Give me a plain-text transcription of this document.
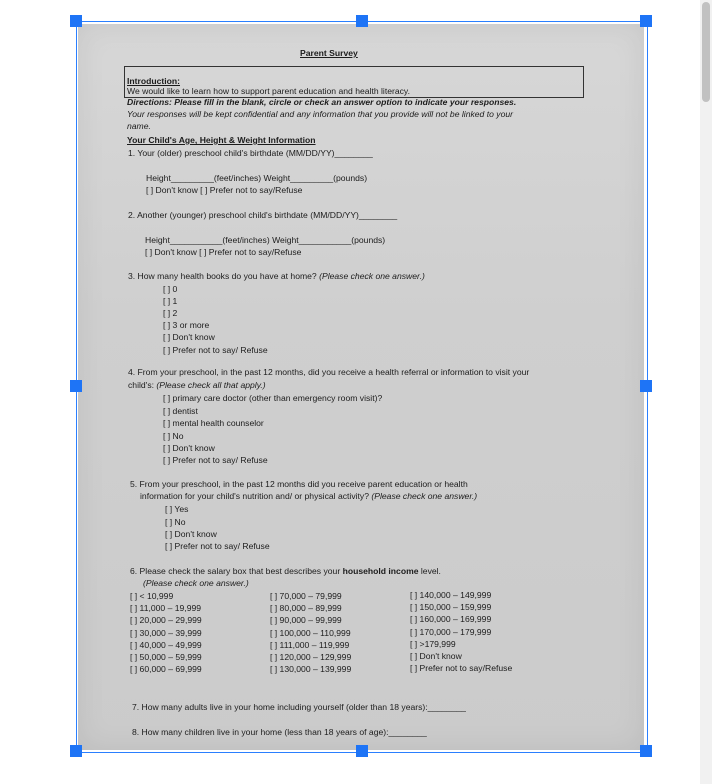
Parent Survey
Introduction:
We would like to learn how to support parent education and health literacy.
Directions: Please fill in the blank, circle or check an answer option to indicate your responses.
Your responses will be kept confidential and any information that you provide will not be linked to your
name.
Your Child's Age, Height & Weight Information
1. Your (older) preschool child's birthdate (MM/DD/YY)________
Height_________(feet/inches) Weight_________(pounds)
[ ] Don't know [ ] Prefer not to say/Refuse
2. Another (younger) preschool child's birthdate (MM/DD/YY)________
Height___________(feet/inches) Weight___________(pounds)
[ ] Don't know [ ] Prefer not to say/Refuse
3. How many health books do you have at home? (Please check one answer.)
[ ] 0
[ ] 1
[ ] 2
[ ] 3 or more
[ ] Don't know
[ ] Prefer not to say/ Refuse
4. From your preschool, in the past 12 months, did you receive a health referral or information to visit your
child's: (Please check all that apply.)
[ ] primary care doctor (other than emergency room visit)?
[ ] dentist
[ ] mental health counselor
[ ] No
[ ] Don't know
[ ] Prefer not to say/ Refuse
5. From your preschool, in the past 12 months did you receive parent education or health
information for your child's nutrition and/ or physical activity? (Please check one answer.)
[ ] Yes
[ ] No
[ ] Don't know
[ ] Prefer not to say/ Refuse
6. Please check the salary box that best describes your household income level.
(Please check one answer.)
[ ] < 10,999
[ ] 11,000 – 19,999
[ ] 20,000 – 29,999
[ ] 30,000 – 39,999
[ ] 40,000 – 49,999
[ ] 50,000 – 59,999
[ ] 60,000 – 69,999
[ ] 70,000 – 79,999
[ ] 80,000 – 89,999
[ ] 90,000 – 99,999
[ ] 100,000 – 110,999
[ ] 111,000 – 119,999
[ ] 120,000 – 129,999
[ ] 130,000 – 139,999
[ ] 140,000 – 149,999
[ ] 150,000 – 159,999
[ ] 160,000 – 169,999
[ ] 170,000 – 179,999
[ ] >179,999
[ ] Don't know
[ ] Prefer not to say/Refuse
7. How many adults live in your home including yourself (older than 18 years):________
8. How many children live in your home (less than 18 years of age):________
